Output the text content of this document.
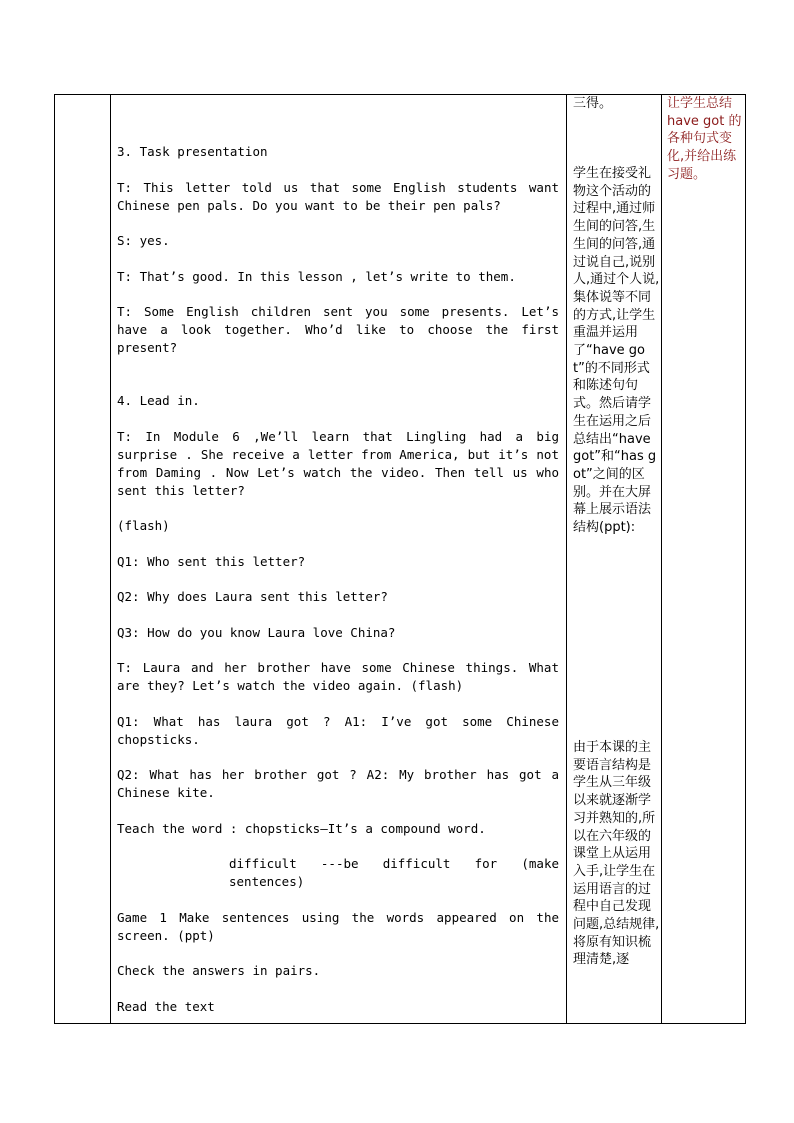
3. Task presentation

T: This letter told us that some English students want Chinese pen pals. Do you want to be their pen pals?

S: yes.

T: That’s good. In this lesson , let’s write to them.

T: Some English children sent you some presents. Let’s have a look together. Who’d like to choose the first present?

4. Lead in.

T: In Module 6 ,We’ll learn that Lingling had a big surprise . She receive a letter from America, but it’s not from Daming . Now Let’s watch the video. Then tell us who sent this letter?

(flash)

Q1: Who sent this letter?

Q2: Why does Laura sent this letter?

Q3: How do you know Laura love China?

T: Laura and her brother have some Chinese things. What are they? Let’s watch the video again. (flash)

Q1: What has laura got ? A1: I’ve got some Chinese chopsticks.

Q2: What has her brother got ? A2: My brother has got a Chinese kite.

Teach the word : chopsticks—It’s a compound word.

difficult ---be difficult for (make sentences)

Game 1 Make sentences using the words appeared on the screen. (ppt)

Check the answers in pairs.

Read the text

三得。
学生在接受礼物这个活动的过程中,通过师生间的问答,生生间的问答,通过说自己,说别人,通过个人说,集体说等不同的方式,让学生重温并运用了“have got”的不同形式和陈述句句式。然后请学生在运用之后总结出“have got”和“has got”之间的区别。并在大屏幕上展示语法结构(ppt):
由于本课的主要语言结构是学生从三年级以来就逐渐学习并熟知的,所以在六年级的课堂上从运用入手,让学生在运用语言的过程中自己发现问题,总结规律,将原有知识梳理清楚,逐
让学生总结 have got 的各种句式变化,并给出练习题。
